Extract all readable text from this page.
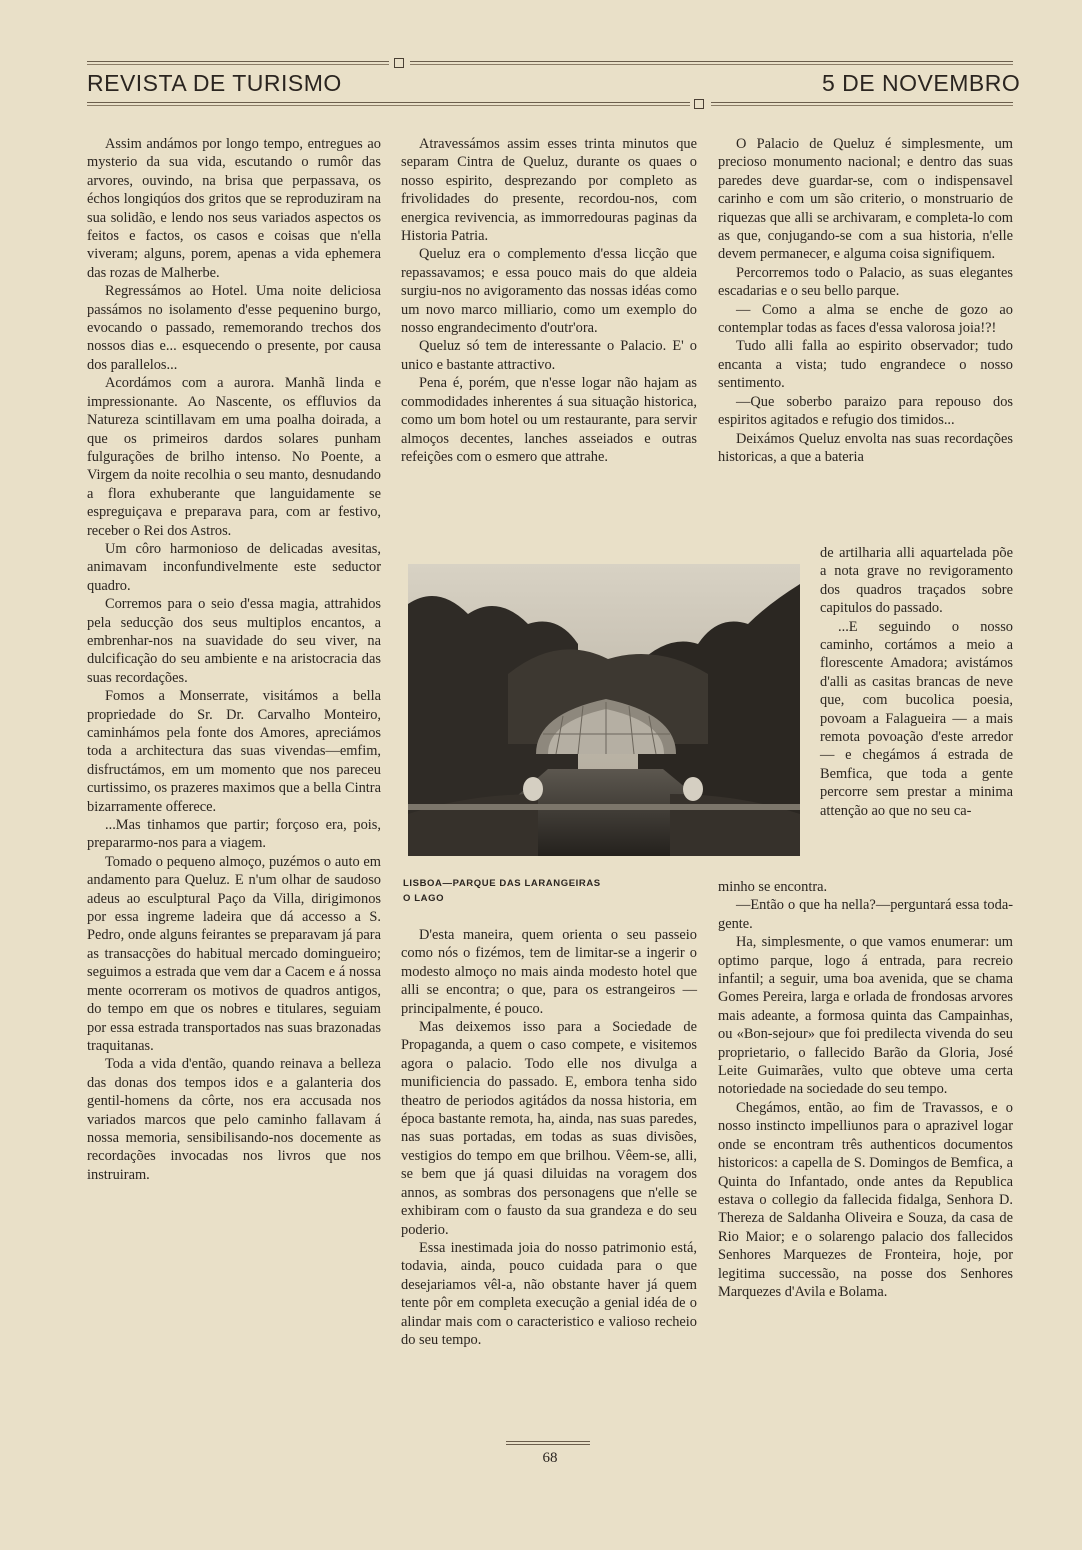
REVISTA DE TURISMO	5 DE NOVEMBRO

Assim andámos por longo tempo, entregues ao mysterio da sua vida, escutando o rumôr das arvores, ouvindo, na brisa que perpassava, os échos longiqúos dos gritos que se reproduziram na sua solidão, e lendo nos seus variados aspectos os feitos e factos, os casos e coisas que n'ella viveram; alguns, porem, apenas a vida ephemera das rozas de Malherbe.

Regressámos ao Hotel. Uma noite deliciosa passámos no isolamento d'esse pequenino burgo, evocando o passado, rememorando trechos dos nossos dias e... esquecendo o presente, por causa dos parallelos...

Acordámos com a aurora. Manhã linda e impressionante. Ao Nascente, os effluvios da Natureza scintillavam em uma poalha doirada, a que os primeiros dardos solares punham fulgurações de brilho intenso. No Poente, a Virgem da noite recolhia o seu manto, desnudando a flora exhuberante que languidamente se espreguiçava e preparava para, com ar festivo, receber o Rei dos Astros.

Um côro harmonioso de delicadas avesitas, animavam inconfundivelmente este seductor quadro.

Corremos para o seio d'essa magia, attrahidos pela seducção dos seus multiplos encantos, a embrenhar-nos na suavidade do seu viver, na dulcificação do seu ambiente e na aristocracia das suas recordações.

Fomos a Monserrate, visitámos a bella propriedade do Sr. Dr. Carvalho Monteiro, caminhámos pela fonte dos Amores, apreciámos toda a architectura das suas vivendas—emfim, disfructámos, em um momento que nos pareceu curtissimo, os prazeres maximos que a bella Cintra bizarramente offerece.

...Mas tinhamos que partir; forçoso era, pois, prepararmo-nos para a viagem.

Tomado o pequeno almoço, puzémos o auto em andamento para Queluz. E n'um olhar de saudoso adeus ao esculptural Paço da Villa, dirigimonos por essa ingreme ladeira que dá accesso a S. Pedro, onde alguns feirantes se preparavam já para as transacções do habitual mercado domingueiro; seguimos a estrada que vem dar a Cacem e á nossa mente ocorreram os motivos de quadros antigos, do tempo em que os nobres e titulares, seguiam por essa estrada transportados nas suas brazonadas traquitanas.

Toda a vida d'então, quando reinava a belleza das donas dos tempos idos e a galanteria dos gentil-homens da côrte, nos era accusada nos variados marcos que pelo caminho fallavam á nossa memoria, sensibilisando-nos docemente as recordações invocadas nos livros que nos instruiram.

Atravessámos assim esses trinta minutos que separam Cintra de Queluz, durante os quaes o nosso espirito, desprezando por completo as frivolidades do presente, recordou-nos, com energica revivencia, as immorredouras paginas da Historia Patria.

Queluz era o complemento d'essa licção que repassavamos; e essa pouco mais do que aldeia surgiu-nos no avigoramento das nossas idéas como um novo marco milliario, como um exemplo do nosso engrandecimento d'outr'ora.

Queluz só tem de interessante o Palacio. E' o unico e bastante attractivo.

Pena é, porém, que n'esse logar não hajam as commodidades inherentes á sua situação historica, como um bom hotel ou um restaurante, para servir almoços decentes, lanches asseiados e outras refeições com o esmero que attrahe.

LISBOA—PARQUE DAS LARANGEIRAS
O LAGO

D'esta maneira, quem orienta o seu passeio como nós o fizémos, tem de limitar-se a ingerir o modesto almoço no mais ainda modesto hotel que alli se encontra; o que, para os estrangeiros — principalmente, é pouco.

Mas deixemos isso para a Sociedade de Propaganda, a quem o caso compete, e visitemos agora o palacio. Todo elle nos divulga a munificiencia do passado. E, embora tenha sido theatro de periodos agitádos da nossa historia, em época bastante remota, ha, ainda, nas suas paredes, nas suas portadas, em todas as suas divisões, vestigios do tempo em que brilhou. Vêem-se, alli, se bem que já quasi diluidas na voragem dos annos, as sombras dos personagens que n'elle se exhibiram com o fausto da sua grandeza e do seu poderio.

Essa inestimada joia do nosso patrimonio está, todavia, ainda, pouco cuidada para o que desejariamos vêl-a, não obstante haver já quem tente pôr em completa execução a genial idéa de o alindar mais com o caracteristico e valioso recheio do seu tempo.

O Palacio de Queluz é simplesmente, um precioso monumento nacional; e dentro das suas paredes deve guardar-se, com o indispensavel carinho e com um são criterio, o monstruario de riquezas que alli se archivaram, e completa-lo com as que, conjugando-se com a sua historia, n'elle devem permanecer, e alguma coisa signifiquem.

Percorremos todo o Palacio, as suas elegantes escadarias e o seu bello parque.

— Como a alma se enche de gozo ao contemplar todas as faces d'essa valorosa joia!?!

Tudo alli falla ao espirito observador; tudo encanta a vista; tudo engrandece o nosso sentimento.

—Que soberbo paraizo para repouso dos espiritos agitados e refugio dos timidos...

Deixámos Queluz envolta nas suas recordações historicas, a que a bateria

de artilharia alli aquartelada põe a nota grave no revigoramento dos quadros traçados sobre capitulos do passado.

...E seguindo o nosso caminho, cortámos a meio a florescente Amadora; avistámos d'alli as casitas brancas de neve que, com bucolica poesia, povoam a Falagueira — a mais remota povoação d'este arredor — e chegámos á estrada de Bemfica, que toda a gente percorre sem prestar a minima attenção ao que no seu ca-

minho se encontra.

—Então o que ha nella?—perguntará essa toda-gente.

Ha, simplesmente, o que vamos enumerar: um optimo parque, logo á entrada, para recreio infantil; a seguir, uma boa avenida, que se chama Gomes Pereira, larga e orlada de frondosas arvores mais adeante, a formosa quinta das Campainhas, ou «Bon-sejour» que foi predilecta vivenda do seu proprietario, o fallecido Barão da Gloria, José Leite Guimarães, vulto que obteve uma certa notoriedade na sociedade do seu tempo.

Chegámos, então, ao fim de Travassos, e o nosso instincto impelliunos para o aprazivel logar onde se encontram três authenticos documentos historicos: a capella de S. Domingos de Bemfica, a Quinta do Infantado, onde antes da Republica estava o collegio da fallecida fidalga, Senhora D. Thereza de Saldanha Oliveira e Souza, da casa de Rio Maior; e o solarengo palacio dos fallecidos Senhores Marquezes de Fronteira, hoje, por legitima successão, na posse dos Senhores Marquezes d'Avila e Bolama.

68
